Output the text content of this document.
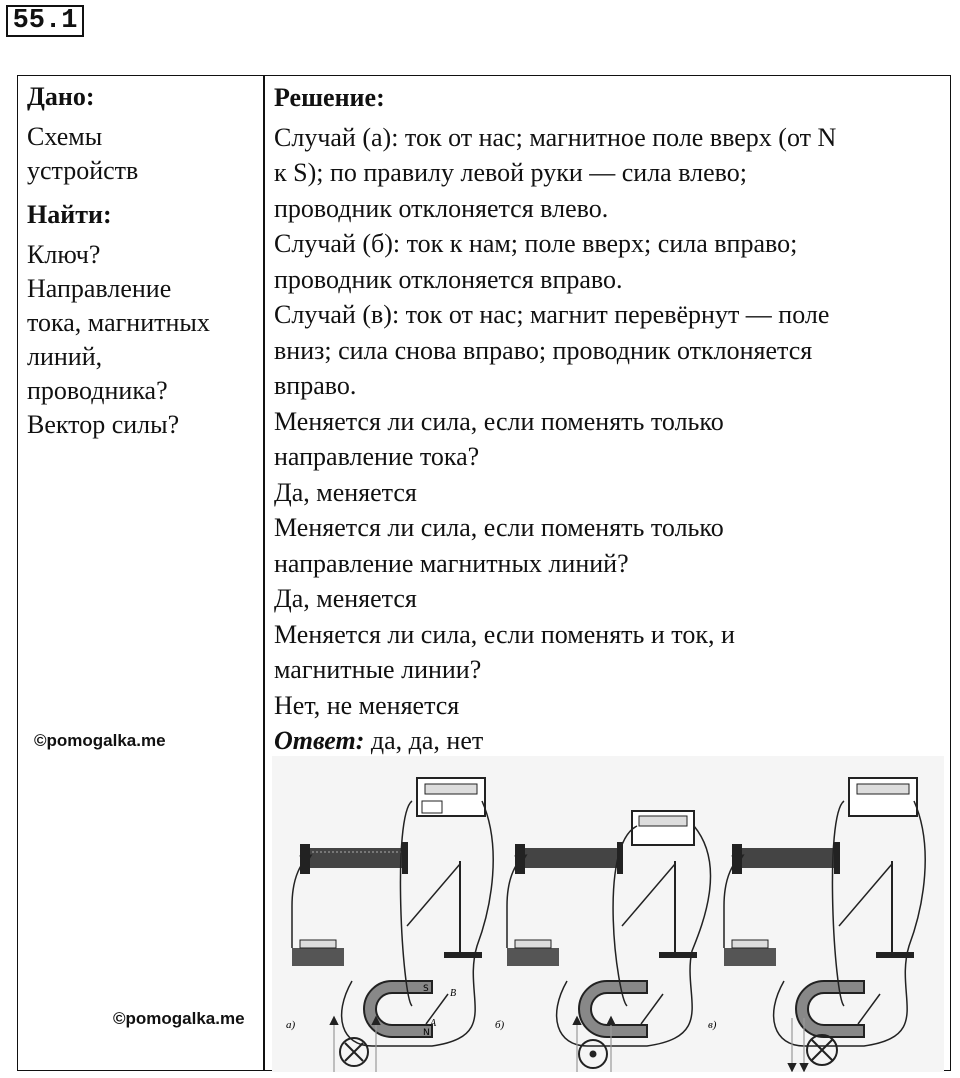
55.1

Дано:

Схемы

устройств

Найти:

Ключ?

Направление

тока, магнитных

линий,

проводника?

Вектор силы?

Решение:

Случай (а): ток от нас; магнитное поле вверх (от N

к S); по правилу левой руки — сила влево;

проводник отклоняется влево.

Случай (б): ток к нам; поле вверх; сила вправо;

проводник отклоняется вправо.

Случай (в): ток от нас; магнит перевёрнут — поле

вниз; сила снова вправо; проводник отклоняется

вправо.

Меняется ли сила, если поменять только

направление тока?

Да, меняется

Меняется ли сила, если поменять только

направление магнитных линий?

Да, меняется

Меняется ли сила, если поменять и ток, и

магнитные линии?

Нет, не меняется

Ответ: да, да, нет

©pomogalka.me
©pomogalka.me
S
N
B
A
а)	б)	в)
